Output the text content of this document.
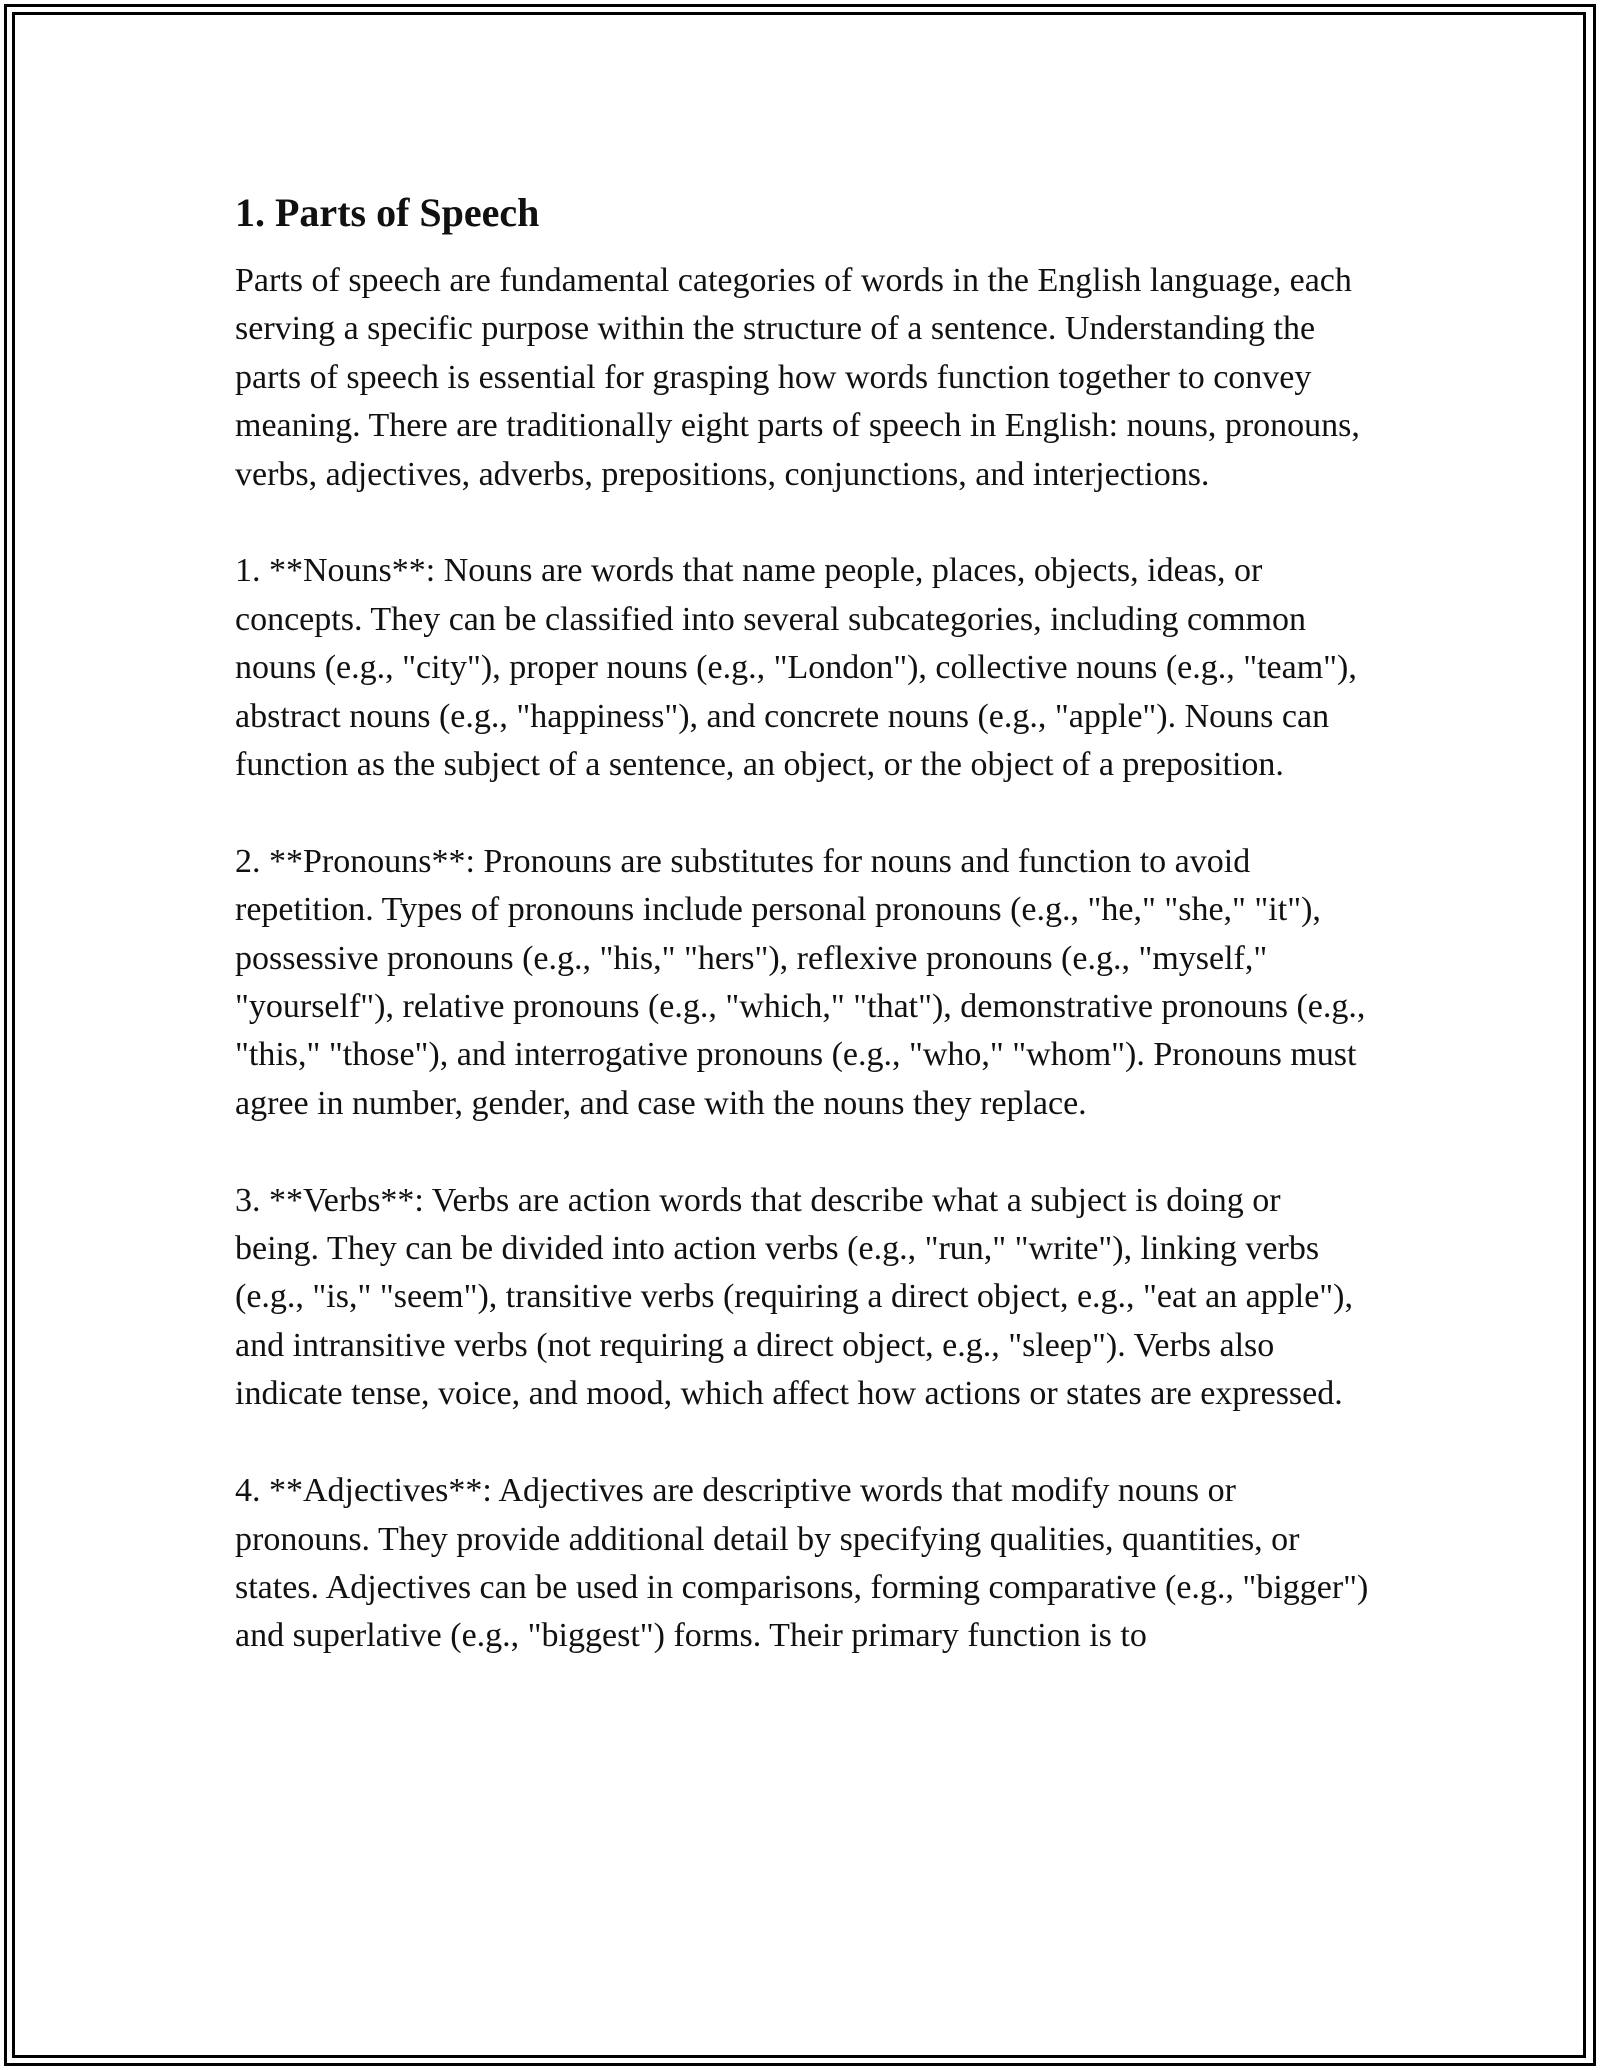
1. Parts of Speech

Parts of speech are fundamental categories of words in the English language, each serving a specific purpose within the structure of a sentence. Understanding the parts of speech is essential for grasping how words function together to convey meaning. There are traditionally eight parts of speech in English: nouns, pronouns, verbs, adjectives, adverbs, prepositions, conjunctions, and interjections.

1. **Nouns**: Nouns are words that name people, places, objects, ideas, or concepts. They can be classified into several subcategories, including common nouns (e.g., "city"), proper nouns (e.g., "London"), collective nouns (e.g., "team"), abstract nouns (e.g., "happiness"), and concrete nouns (e.g., "apple"). Nouns can function as the subject of a sentence, an object, or the object of a preposition.

2. **Pronouns**: Pronouns are substitutes for nouns and function to avoid repetition. Types of pronouns include personal pronouns (e.g., "he," "she," "it"), possessive pronouns (e.g., "his," "hers"), reflexive pronouns (e.g., "myself," "yourself"), relative pronouns (e.g., "which," "that"), demonstrative pronouns (e.g., "this," "those"), and interrogative pronouns (e.g., "who," "whom"). Pronouns must agree in number, gender, and case with the nouns they replace.

3. **Verbs**: Verbs are action words that describe what a subject is doing or being. They can be divided into action verbs (e.g., "run," "write"), linking verbs (e.g., "is," "seem"), transitive verbs (requiring a direct object, e.g., "eat an apple"), and intransitive verbs (not requiring a direct object, e.g., "sleep"). Verbs also indicate tense, voice, and mood, which affect how actions or states are expressed.

4. **Adjectives**: Adjectives are descriptive words that modify nouns or pronouns. They provide additional detail by specifying qualities, quantities, or states. Adjectives can be used in comparisons, forming comparative (e.g., "bigger") and superlative (e.g., "biggest") forms. Their primary function is to
